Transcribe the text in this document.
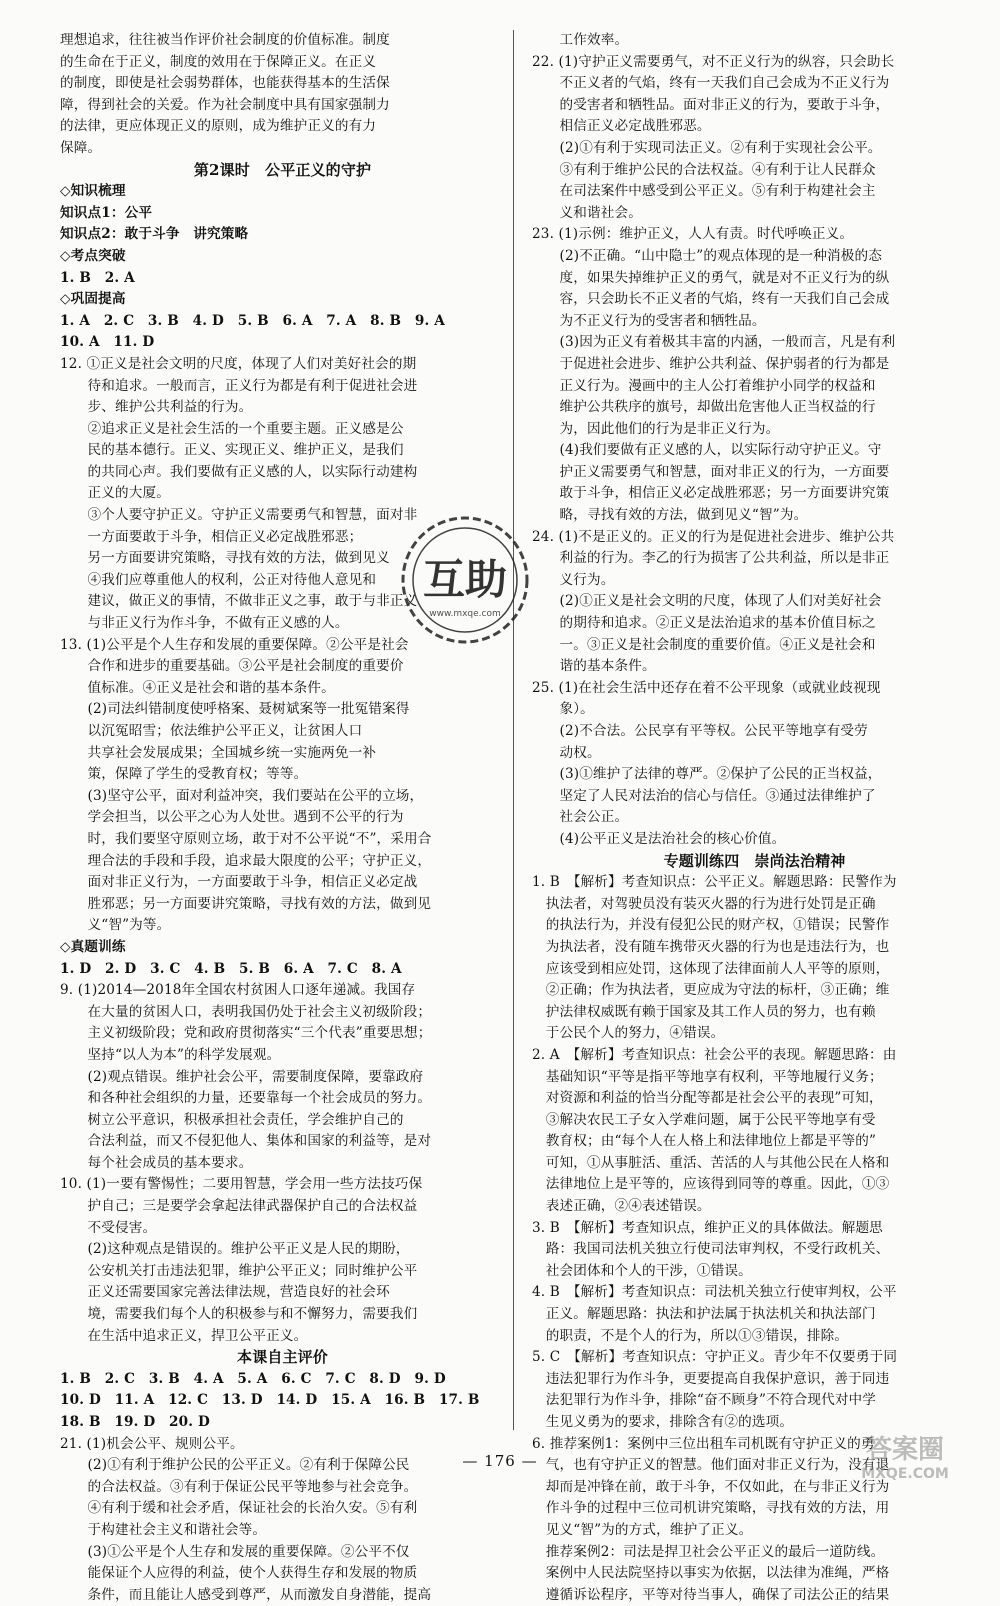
理想追求，往往被当作评价社会制度的价值标准。制度
的生命在于正义，制度的效用在于保障正义。在正义
的制度，即使是社会弱势群体，也能获得基本的生活保
障，得到社会的关爱。作为社会制度中具有国家强制力
的法律，更应体现正义的原则，成为维护正义的有力
保障。
第2课时　公平正义的守护
◇知识梳理
知识点1：公平
知识点2：敢于斗争　讲究策略
◇考点突破
1. B　2. A
◇巩固提高
1. A　2. C　3. B　4. D　5. B　6. A　7. A　8. B　9. A
10. A　11. D
12. ①正义是社会文明的尺度，体现了人们对美好社会的期
　　待和追求。一般而言，正义行为都是有利于促进社会进
　　步、维护公共利益的行为。
　　②追求正义是社会生活的一个重要主题。正义感是公
　　民的基本德行。正义、实现正义、维护正义，是我们
　　的共同心声。我们要做有正义感的人，以实际行动建构
　　正义的大厦。
　　③个人要守护正义。守护正义需要勇气和智慧，面对非
　　一方面要敢于斗争，相信正义必定战胜邪恶；
　　另一方面要讲究策略，寻找有效的方法，做到见义
　　④我们应尊重他人的权利，公正对待他人意见和
　　建议，做正义的事情，不做非正义之事，敢于与非正义
　　与非正义行为作斗争，不做有正义感的人。
13. (1)公平是个人生存和发展的重要保障。②公平是社会
　　合作和进步的重要基础。③公平是社会制度的重要价
　　值标准。④正义是社会和谐的基本条件。
　　(2)司法纠错制度使呼格案、聂树斌案等一批冤错案得
　　以沉冤昭雪；依法维护公平正义，让贫困人口
　　共享社会发展成果；全国城乡统一实施两免一补
　　策，保障了学生的受教育权；等等。
　　(3)坚守公平，面对利益冲突，我们要站在公平的立场，
　　学会担当，以公平之心为人处世。遇到不公平的行为
　　时，我们要坚守原则立场，敢于对不公平说“不”，采用合
　　理合法的手段和手段，追求最大限度的公平；守护正义，
　　面对非正义行为，一方面要敢于斗争，相信正义必定战
　　胜邪恶；另一方面要讲究策略，寻找有效的方法，做到见
　　义“智”为等。
◇真题训练
1. D　2. D　3. C　4. B　5. B　6. A　7. C　8. A
9. (1)2014—2018年全国农村贫困人口逐年递减。我国存
　　在大量的贫困人口，表明我国仍处于社会主义初级阶段；
　　主义初级阶段；党和政府贯彻落实“三个代表”重要思想；
　　坚持“以人为本”的科学发展观。
　　(2)观点错误。维护社会公平，需要制度保障，要靠政府
　　和各种社会组织的力量，还要靠每一个社会成员的努力。
　　树立公平意识，积极承担社会责任，学会维护自己的
　　合法利益，而又不侵犯他人、集体和国家的利益等，是对
　　每个社会成员的基本要求。
10. (1)一要有警惕性；二要用智慧，学会用一些方法技巧保
　　护自己；三是要学会拿起法律武器保护自己的合法权益
　　不受侵害。
　　(2)这种观点是错误的。维护公平正义是人民的期盼，
　　公安机关打击违法犯罪，维护公平正义；同时维护公平
　　正义还需要国家完善法律法规，营造良好的社会环
　　境，需要我们每个人的积极参与和不懈努力，需要我们
　　在生活中追求正义，捍卫公平正义。
本课自主评价
1. B　2. C　3. B　4. A　5. A　6. C　7. C　8. D　9. D
10. D　11. A　12. C　13. D　14. D　15. A　16. B　17. B
18. B　19. D　20. D
21. (1)机会公平、规则公平。
　　(2)①有利于维护公民的公平正义。②有利于保障公民
　　的合法权益。③有利于保证公民平等地参与社会竞争。
　　④有利于缓和社会矛盾，保证社会的长治久安。⑤有利
　　于构建社会主义和谐社会等。
　　(3)①公平是个人生存和发展的重要保障。②公平不仅
　　能保证个人应得的利益，使个人获得生存和发展的物质
　　条件，而且能让人感受到尊严，从而激发自身潜能，提高
　　工作效率。
22. (1)守护正义需要勇气，对不正义行为的纵容，只会助长
　　不正义者的气焰，终有一天我们自己会成为不正义行为
　　的受害者和牺牲品。面对非正义的行为，要敢于斗争，
　　相信正义必定战胜邪恶。
　　(2)①有利于实现司法正义。②有利于实现社会公平。
　　③有利于维护公民的合法权益。④有利于让人民群众
　　在司法案件中感受到公平正义。⑤有利于构建社会主
　　义和谐社会。
23. (1)示例：维护正义，人人有责。时代呼唤正义。
　　(2)不正确。“山中隐士”的观点体现的是一种消极的态
　　度，如果失掉维护正义的勇气，就是对不正义行为的纵
　　容，只会助长不正义者的气焰，终有一天我们自己会成
　　为不正义行为的受害者和牺牲品。
　　(3)因为正义有着极其丰富的内涵，一般而言，凡是有利
　　于促进社会进步、维护公共利益、保护弱者的行为都是
　　正义行为。漫画中的主人公打着维护小同学的权益和
　　维护公共秩序的旗号，却做出危害他人正当权益的行
　　为，因此他们的行为是非正义行为。
　　(4)我们要做有正义感的人，以实际行动守护正义。守
　　护正义需要勇气和智慧，面对非正义的行为，一方面要
　　敢于斗争，相信正义必定战胜邪恶；另一方面要讲究策
　　略，寻找有效的方法，做到见义“智”为。
24. (1)不是正义的。正义的行为是促进社会进步、维护公共
　　利益的行为。李乙的行为损害了公共利益，所以是非正
　　义行为。
　　(2)①正义是社会文明的尺度，体现了人们对美好社会
　　的期待和追求。②正义是法治追求的基本价值目标之
　　一。③正义是社会制度的重要价值。④正义是社会和
　　谐的基本条件。
25. (1)在社会生活中还存在着不公平现象（或就业歧视现
　　象）。
　　(2)不合法。公民享有平等权。公民平等地享有受劳
　　动权。
　　(3)①维护了法律的尊严。②保护了公民的正当权益，
　　坚定了人民对法治的信心与信任。③通过法律维护了
　　社会公正。
　　(4)公平正义是法治社会的核心价值。
专题训练四　崇尚法治精神
1. B　【解析】考查知识点：公平正义。解题思路：民警作为
　执法者，对驾驶员没有装灭火器的行为进行处罚是正确
　的执法行为，并没有侵犯公民的财产权，①错误；民警作
　为执法者，没有随车携带灭火器的行为也是违法行为，也
　应该受到相应处罚，这体现了法律面前人人平等的原则，
　②正确；作为执法者，更应成为守法的标杆，③正确；维
　护法律权威既有赖于国家及其工作人员的努力，也有赖
　于公民个人的努力，④错误。
2. A　【解析】考查知识点：社会公平的表现。解题思路：由
　基础知识“平等是指平等地享有权利，平等地履行义务；
　对资源和利益的恰当分配等都是社会公平的表现”可知，
　③解决农民工子女入学难问题，属于公民平等地享有受
　教育权；由“每个人在人格上和法律地位上都是平等的”
　可知，①从事脏活、重活、苦活的人与其他公民在人格和
　法律地位上是平等的，应该得到同等的尊重。因此，①③
　表述正确，②④表述错误。
3. B　【解析】考查知识点，维护正义的具体做法。解题思
　路：我国司法机关独立行使司法审判权，不受行政机关、
　社会团体和个人的干涉，①错误。
4. B　【解析】考查知识点：司法机关独立行使审判权，公平
　正义。解题思路：执法和护法属于执法机关和执法部门
　的职责，不是个人的行为，所以①③错误，排除。
5. C　【解析】考查知识点：守护正义。青少年不仅要勇于同
　违法犯罪行为作斗争，更要提高自我保护意识，善于同违
　法犯罪行为作斗争，排除“奋不顾身”不符合现代对中学
　生见义勇为的要求，排除含有②的选项。
6. 推荐案例1：案例中三位出租车司机既有守护正义的勇
　气，也有守护正义的智慧。他们面对非正义行为，没有退
　却而是冲锋在前，敢于斗争，不仅如此，在与非正义行为
　作斗争的过程中三位司机讲究策略，寻找有效的方法，用
　见义“智”为的方式，维护了正义。
　推荐案例2：司法是捍卫社会公平正义的最后一道防线。
　案例中人民法院坚持以事实为依据，以法律为准绳，严格
　遵循诉讼程序，平等对待当事人，确保了司法公正的结果
互助
www.mxqe.com
— 176 —	答案圈
MXQE.COM
